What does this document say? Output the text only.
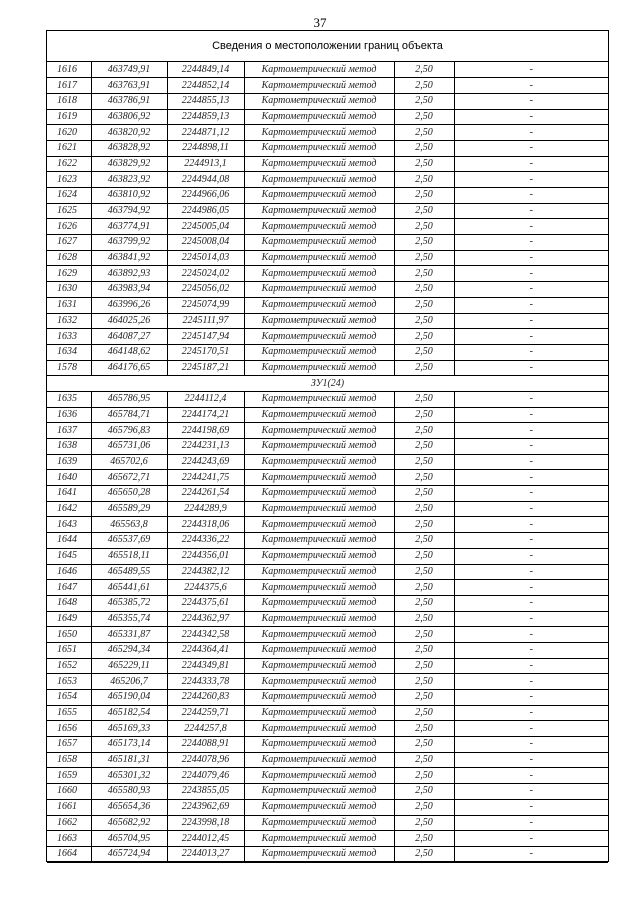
37
Сведения о местоположении границ объекта
1616	463749,91	2244849,14	Картометрический метод	2,50	-
1617	463763,91	2244852,14	Картометрический метод	2,50	-
1618	463786,91	2244855,13	Картометрический метод	2,50	-
1619	463806,92	2244859,13	Картометрический метод	2,50	-
1620	463820,92	2244871,12	Картометрический метод	2,50	-
1621	463828,92	2244898,11	Картометрический метод	2,50	-
1622	463829,92	2244913,1	Картометрический метод	2,50	-
1623	463823,92	2244944,08	Картометрический метод	2,50	-
1624	463810,92	2244966,06	Картометрический метод	2,50	-
1625	463794,92	2244986,05	Картометрический метод	2,50	-
1626	463774,91	2245005,04	Картометрический метод	2,50	-
1627	463799,92	2245008,04	Картометрический метод	2,50	-
1628	463841,92	2245014,03	Картометрический метод	2,50	-
1629	463892,93	2245024,02	Картометрический метод	2,50	-
1630	463983,94	2245056,02	Картометрический метод	2,50	-
1631	463996,26	2245074,99	Картометрический метод	2,50	-
1632	464025,26	2245111,97	Картометрический метод	2,50	-
1633	464087,27	2245147,94	Картометрический метод	2,50	-
1634	464148,62	2245170,51	Картометрический метод	2,50	-
1578	464176,65	2245187,21	Картометрический метод	2,50	-
ЗУ1(24)					
1635	465786,95	2244112,4	Картометрический метод	2,50	-
1636	465784,71	2244174,21	Картометрический метод	2,50	-
1637	465796,83	2244198,69	Картометрический метод	2,50	-
1638	465731,06	2244231,13	Картометрический метод	2,50	-
1639	465702,6	2244243,69	Картометрический метод	2,50	-
1640	465672,71	2244241,75	Картометрический метод	2,50	-
1641	465650,28	2244261,54	Картометрический метод	2,50	-
1642	465589,29	2244289,9	Картометрический метод	2,50	-
1643	465563,8	2244318,06	Картометрический метод	2,50	-
1644	465537,69	2244336,22	Картометрический метод	2,50	-
1645	465518,11	2244356,01	Картометрический метод	2,50	-
1646	465489,55	2244382,12	Картометрический метод	2,50	-
1647	465441,61	2244375,6	Картометрический метод	2,50	-
1648	465385,72	2244375,61	Картометрический метод	2,50	-
1649	465355,74	2244362,97	Картометрический метод	2,50	-
1650	465331,87	2244342,58	Картометрический метод	2,50	-
1651	465294,34	2244364,41	Картометрический метод	2,50	-
1652	465229,11	2244349,81	Картометрический метод	2,50	-
1653	465206,7	2244333,78	Картометрический метод	2,50	-
1654	465190,04	2244260,83	Картометрический метод	2,50	-
1655	465182,54	2244259,71	Картометрический метод	2,50	-
1656	465169,33	2244257,8	Картометрический метод	2,50	-
1657	465173,14	2244088,91	Картометрический метод	2,50	-
1658	465181,31	2244078,96	Картометрический метод	2,50	-
1659	465301,32	2244079,46	Картометрический метод	2,50	-
1660	465580,93	2243855,05	Картометрический метод	2,50	-
1661	465654,36	2243962,69	Картометрический метод	2,50	-
1662	465682,92	2243998,18	Картометрический метод	2,50	-
1663	465704,95	2244012,45	Картометрический метод	2,50	-
1664	465724,94	2244013,27	Картометрический метод	2,50	-
